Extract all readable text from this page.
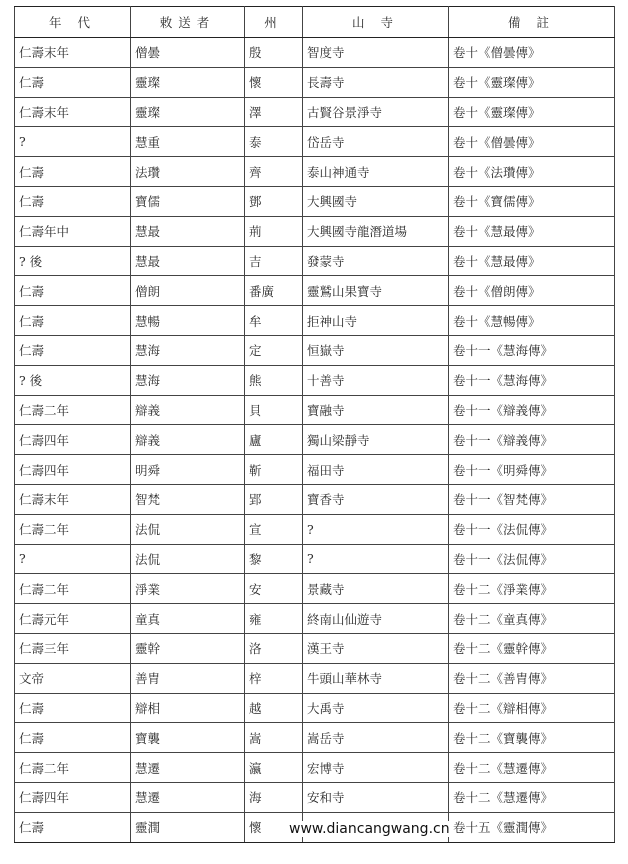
年 代	敕送者	州	山 寺	備 註
仁壽末年	僧曇	殷	智度寺	卷十《僧曇傳》
仁壽	靈璨	懷	長壽寺	卷十《靈璨傳》
仁壽末年	靈璨	澤	古賢谷景淨寺	卷十《靈璨傳》
?	慧重	泰	岱岳寺	卷十《僧曇傳》
仁壽	法瓚	齊	泰山神通寺	卷十《法瓚傳》
仁壽	寶儒	鄧	大興國寺	卷十《寶儒傳》
仁壽年中	慧最	荊	大興國寺龍潛道場	卷十《慧最傳》
? 後	慧最	吉	發蒙寺	卷十《慧最傳》
仁壽	僧朗	番廣	靈鷲山果寶寺	卷十《僧朗傳》
仁壽	慧暢	牟	拒神山寺	卷十《慧暢傳》
仁壽	慧海	定	恒嶽寺	卷十一《慧海傳》
? 後	慧海	熊	十善寺	卷十一《慧海傳》
仁壽二年	辯義	貝	寶融寺	卷十一《辯義傳》
仁壽四年	辯義	廬	獨山梁靜寺	卷十一《辯義傳》
仁壽四年	明舜	靳	福田寺	卷十一《明舜傳》
仁壽末年	智梵	郢	寶香寺	卷十一《智梵傳》
仁壽二年	法侃	宣	?	卷十一《法侃傳》
?	法侃	黎	?	卷十一《法侃傳》
仁壽二年	淨業	安	景藏寺	卷十二《淨業傳》
仁壽元年	童真	雍	終南山仙遊寺	卷十二《童真傳》
仁壽三年	靈幹	洛	漢王寺	卷十二《靈幹傳》
文帝	善胄	梓	牛頭山華林寺	卷十二《善胄傳》
仁壽	辯相	越	大禹寺	卷十二《辯相傳》
仁壽	寶襲	嵩	嵩岳寺	卷十二《寶襲傳》
仁壽二年	慧遷	瀛	宏博寺	卷十二《慧遷傳》
仁壽四年	慧遷	海	安和寺	卷十二《慧遷傳》
仁壽	靈潤	懷		卷十五《靈潤傳》
www.diancangwang.cn
